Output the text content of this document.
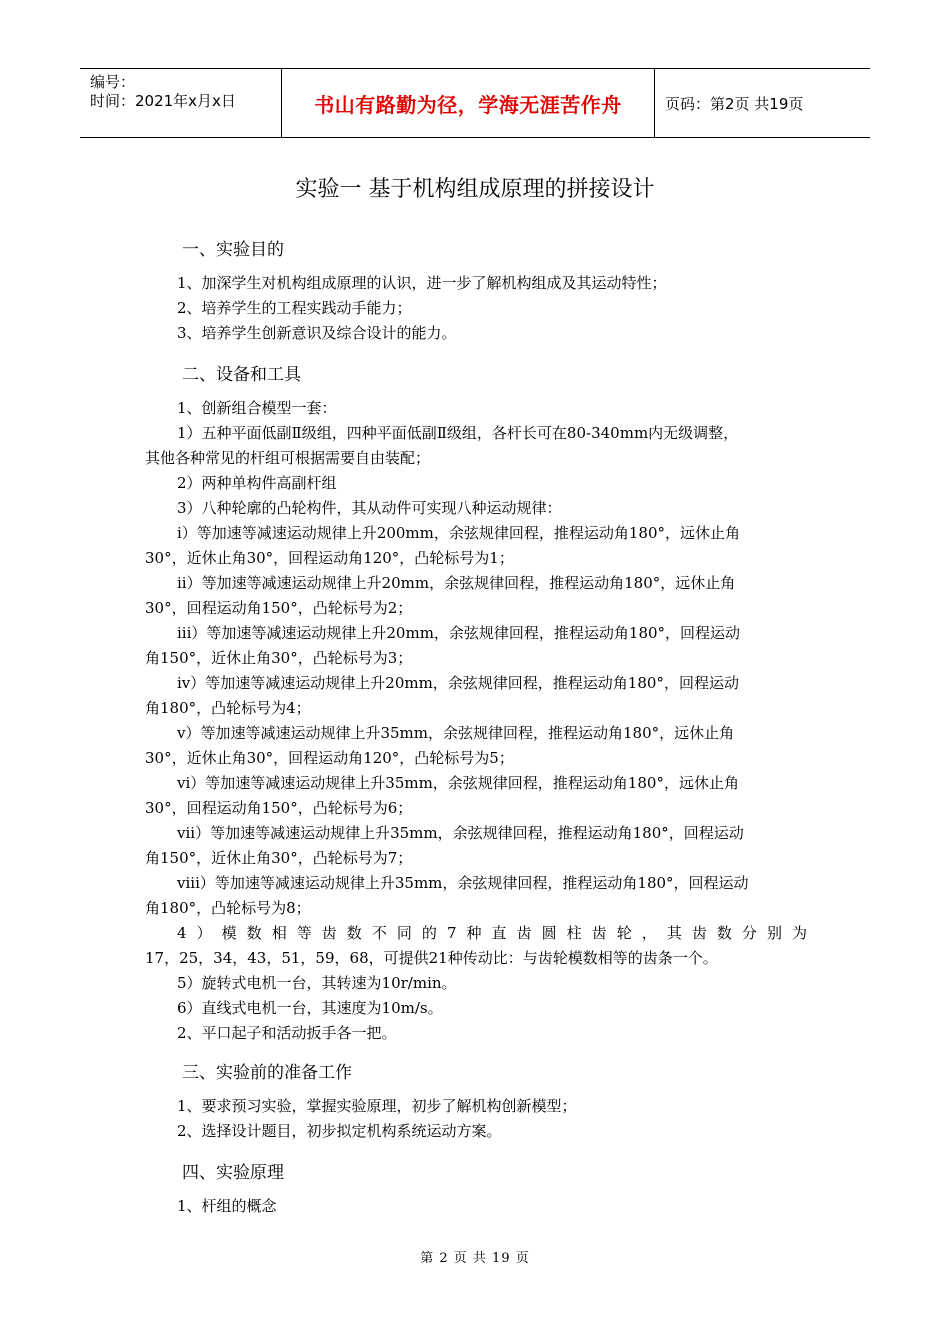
编号：
时间：2021年x月x日	书山有路勤为径，学海无涯苦作舟	页码：第2页 共19页
实验一 基于机构组成原理的拼接设计
一、实验目的
1、加深学生对机构组成原理的认识，进一步了解机构组成及其运动特性；
2、培养学生的工程实践动手能力；
3、培养学生创新意识及综合设计的能力。
二、设备和工具
1、创新组合模型一套：
1）五种平面低副Ⅱ级组，四种平面低副Ⅱ级组，各杆长可在80-340mm内无级调整，
其他各种常见的杆组可根据需要自由装配；
2）两种单构件高副杆组
3）八种轮廓的凸轮构件，其从动件可实现八种运动规律：
i）等加速等减速运动规律上升200mm，余弦规律回程，推程运动角180°，远休止角
30°，近休止角30°，回程运动角120°，凸轮标号为1；
ii）等加速等减速运动规律上升20mm，余弦规律回程，推程运动角180°，远休止角
30°，回程运动角150°，凸轮标号为2；
iii）等加速等减速运动规律上升20mm，余弦规律回程，推程运动角180°，回程运动
角150°，近休止角30°，凸轮标号为3；
iv）等加速等减速运动规律上升20mm，余弦规律回程，推程运动角180°，回程运动
角180°，凸轮标号为4；
v）等加速等减速运动规律上升35mm，余弦规律回程，推程运动角180°，远休止角
30°，近休止角30°，回程运动角120°，凸轮标号为5；
vi）等加速等减速运动规律上升35mm，余弦规律回程，推程运动角180°，远休止角
30°，回程运动角150°，凸轮标号为6；
vii）等加速等减速运动规律上升35mm，余弦规律回程，推程运动角180°，回程运动
角150°，近休止角30°，凸轮标号为7；
viii）等加速等减速运动规律上升35mm，余弦规律回程，推程运动角180°，回程运动
角180°，凸轮标号为8；
4）模数相等齿数不同的7种直齿圆柱齿轮，其齿数分别为
17，25，34，43，51，59，68，可提供21种传动比：与齿轮模数相等的齿条一个。
5）旋转式电机一台，其转速为10r/min。
6）直线式电机一台，其速度为10m/s。
2、平口起子和活动扳手各一把。
三、实验前的准备工作
1、要求预习实验，掌握实验原理，初步了解机构创新模型；
2、选择设计题目，初步拟定机构系统运动方案。
四、实验原理
1、杆组的概念
第 2 页 共 19 页
